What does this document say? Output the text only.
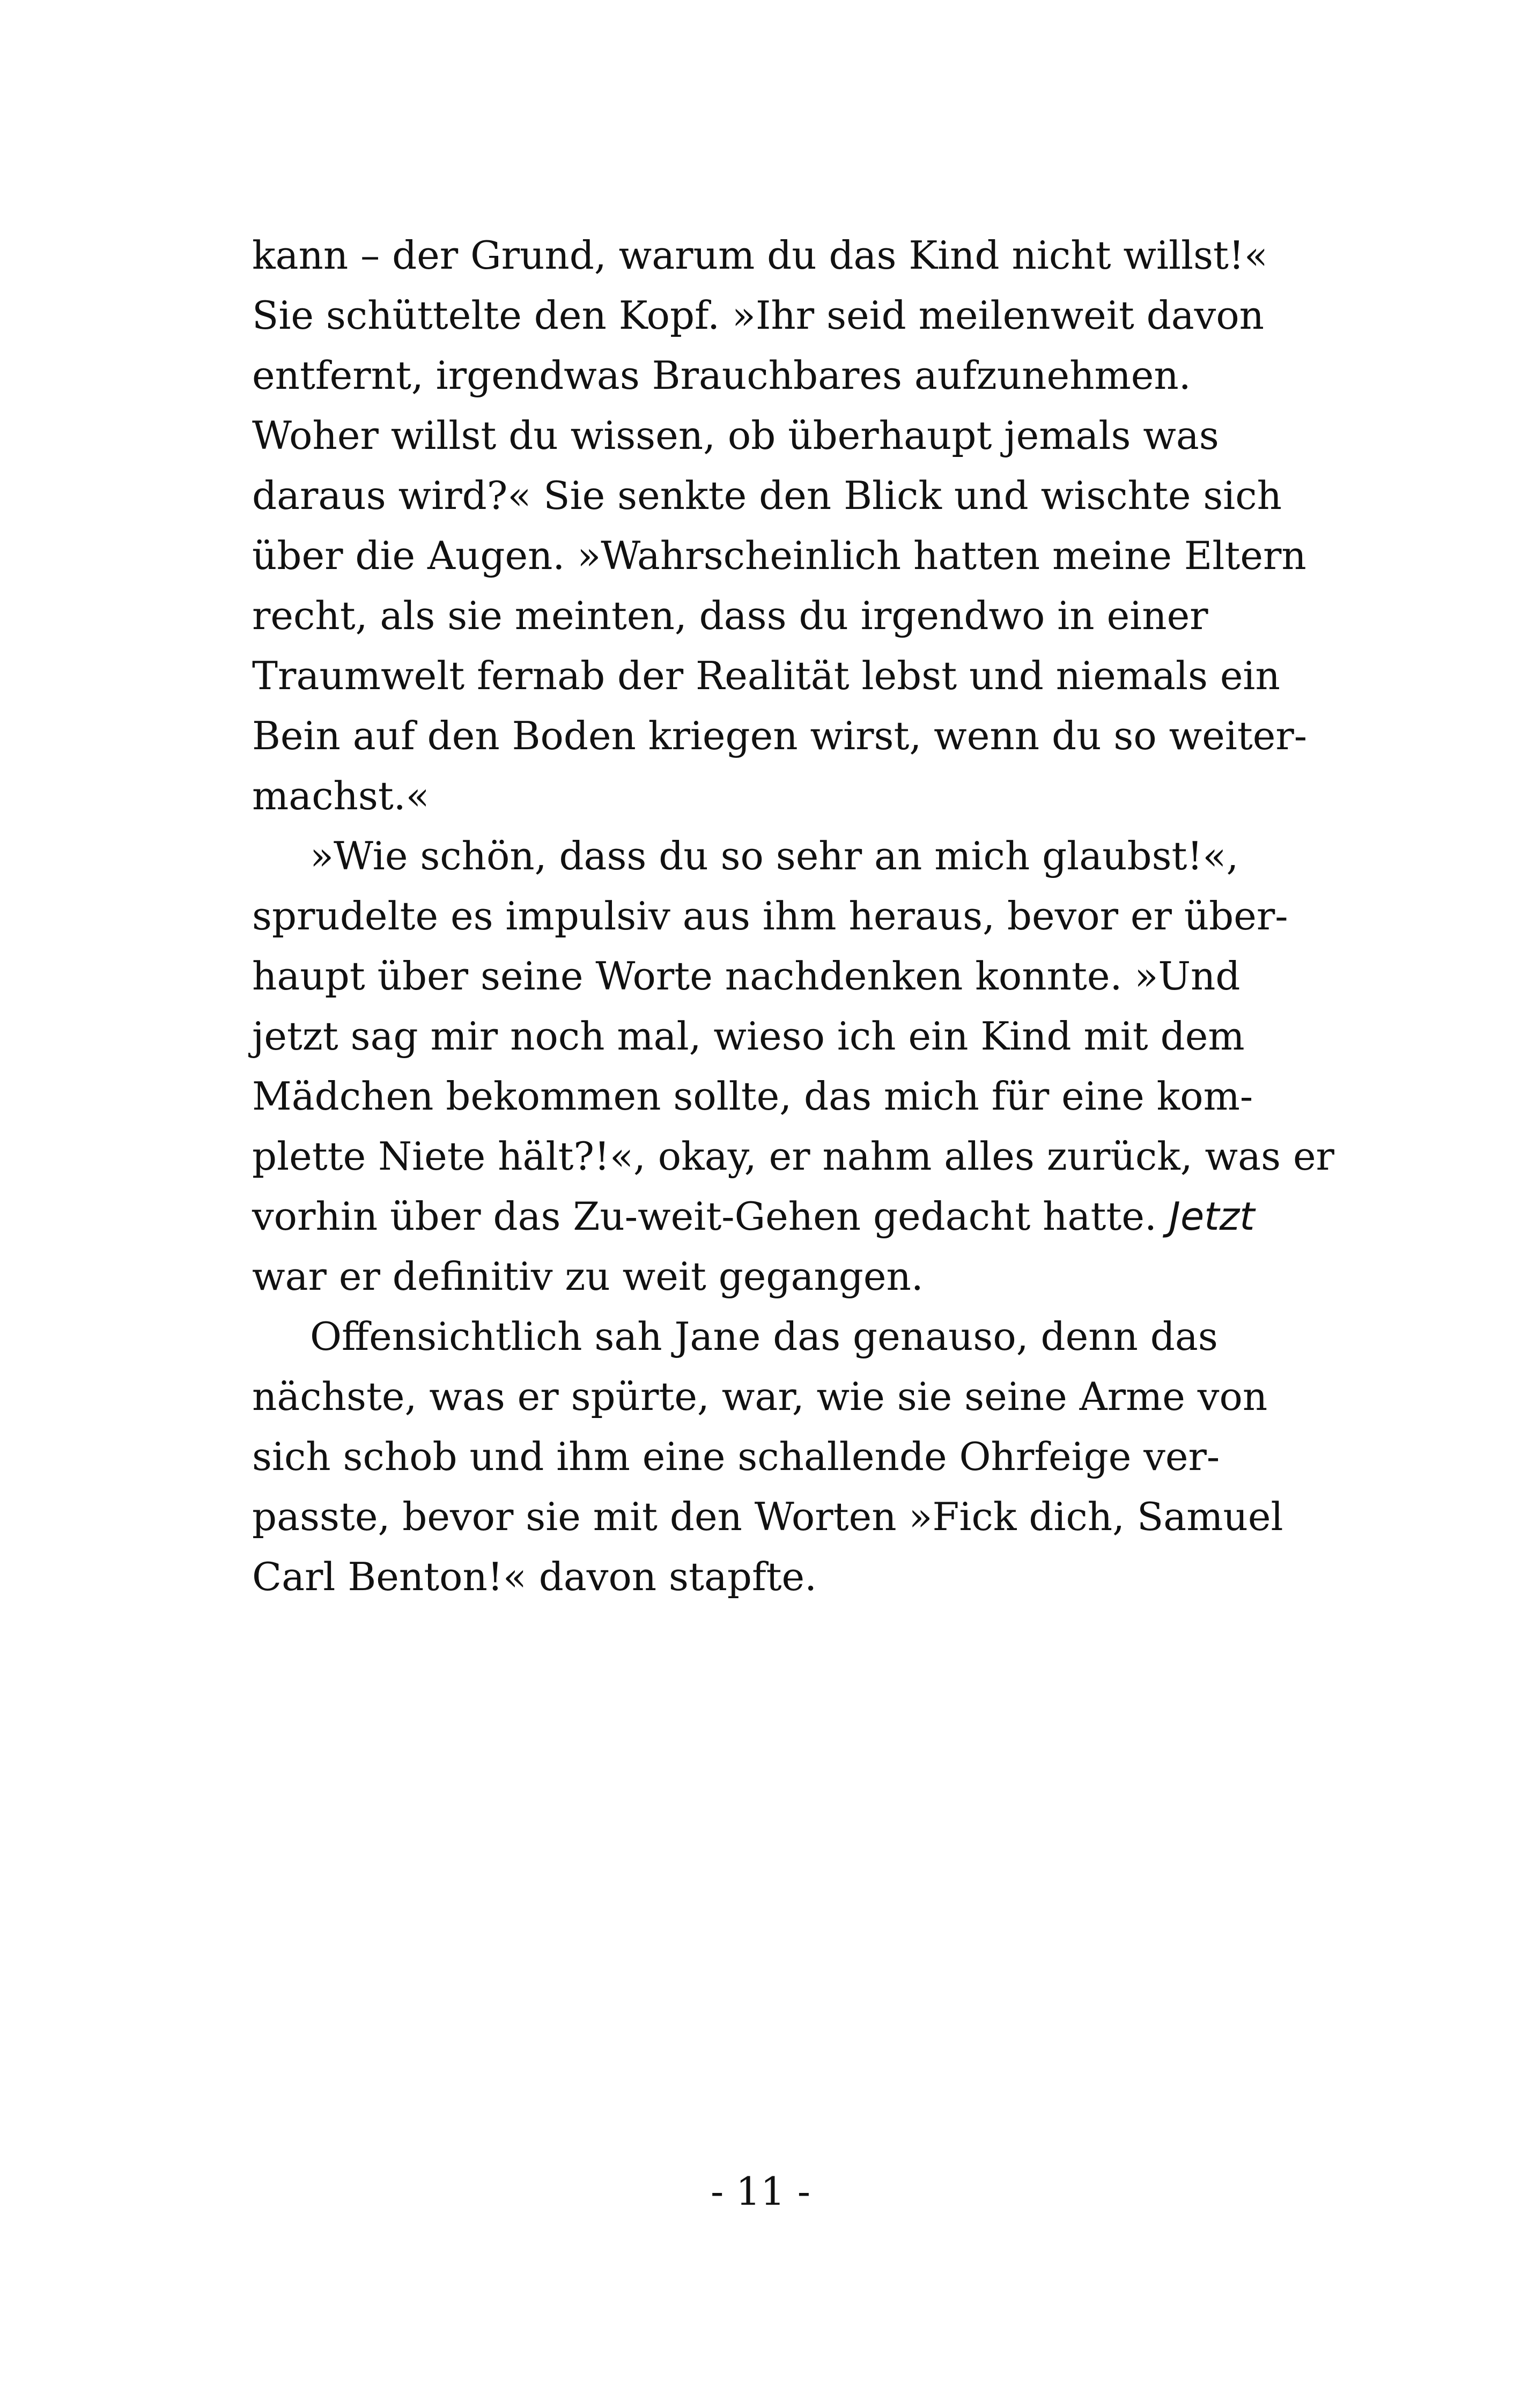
kann – der Grund, warum du das Kind nicht willst!«
Sie schüttelte den Kopf. »Ihr seid meilenweit davon
entfernt, irgendwas Brauchbares aufzunehmen.
Woher willst du wissen, ob überhaupt jemals was
daraus wird?« Sie senkte den Blick und wischte sich
über die Augen. »Wahrscheinlich hatten meine Eltern
recht, als sie meinten, dass du irgendwo in einer
Traumwelt fernab der Realität lebst und niemals ein
Bein auf den Boden kriegen wirst, wenn du so weiter-
machst.«
»Wie schön, dass du so sehr an mich glaubst!«,
sprudelte es impulsiv aus ihm heraus, bevor er über-
haupt über seine Worte nachdenken konnte. »Und
jetzt sag mir noch mal, wieso ich ein Kind mit dem
Mädchen bekommen sollte, das mich für eine kom-
plette Niete hält?!«, okay, er nahm alles zurück, was er
vorhin über das Zu-weit-Gehen gedacht hatte. Jetzt
war er definitiv zu weit gegangen.
Offensichtlich sah Jane das genauso, denn das
nächste, was er spürte, war, wie sie seine Arme von
sich schob und ihm eine schallende Ohrfeige ver-
passte, bevor sie mit den Worten »Fick dich, Samuel
Carl Benton!« davon stapfte.
- 11 -
